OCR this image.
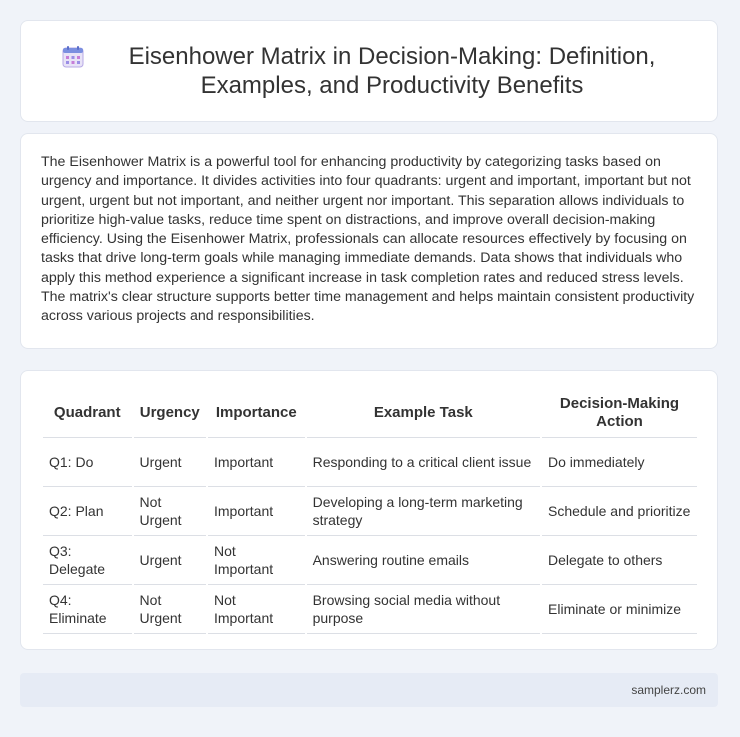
Eisenhower Matrix in Decision-Making: Definition, Examples, and Productivity Benefits

The Eisenhower Matrix is a powerful tool for enhancing productivity by categorizing tasks based on urgency and importance. It divides activities into four quadrants: urgent and important, important but not urgent, urgent but not important, and neither urgent nor important. This separation allows individuals to prioritize high-value tasks, reduce time spent on distractions, and improve overall decision-making efficiency. Using the Eisenhower Matrix, professionals can allocate resources effectively by focusing on tasks that drive long-term goals while managing immediate demands. Data shows that individuals who apply this method experience a significant increase in task completion rates and reduced stress levels. The matrix's clear structure supports better time management and helps maintain consistent productivity across various projects and responsibilities.

Quadrant	Urgency	Importance	Example Task	Decision-Making Action
Q1: Do	Urgent	Important	Responding to a critical client issue	Do immediately
Q2: Plan	Not Urgent	Important	Developing a long-term marketing strategy	Schedule and prioritize
Q3: Delegate	Urgent	Not Important	Answering routine emails	Delegate to others
Q4: Eliminate	Not Urgent	Not Important	Browsing social media without purpose	Eliminate or minimize
samplerz.com
